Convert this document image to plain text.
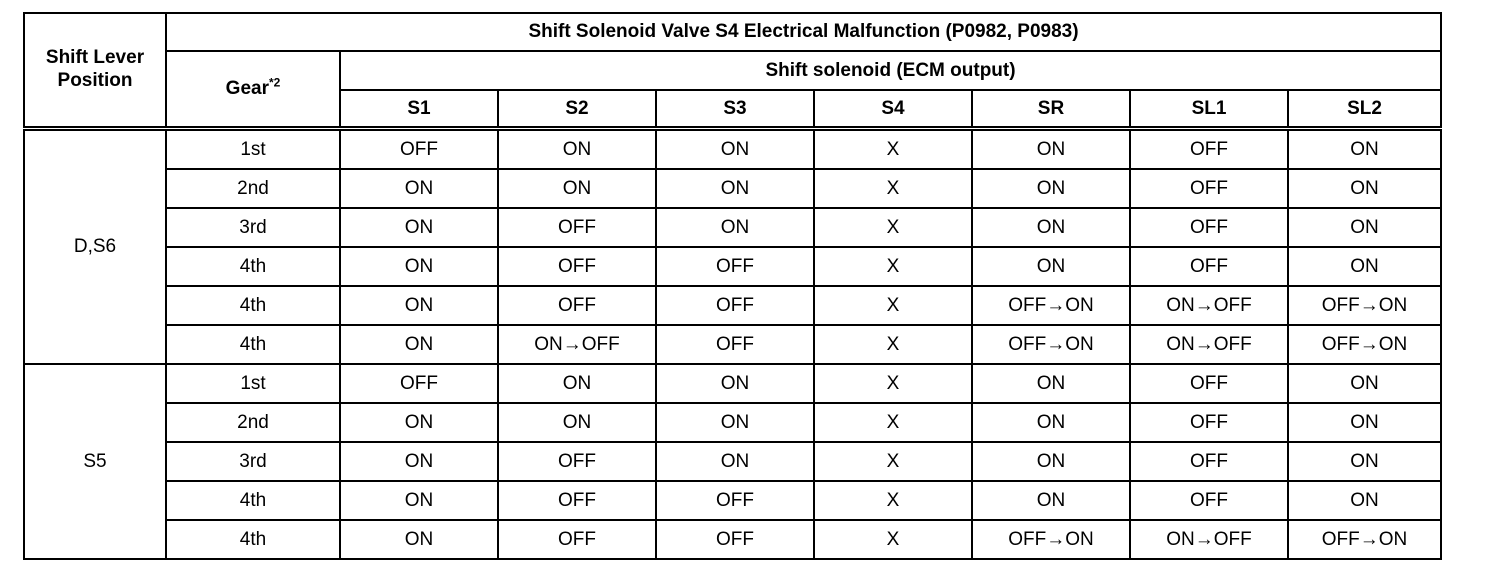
Shift Lever
Position	Shift Solenoid Valve S4 Electrical Malfunction (P0982, P0983)							
	Gear$^{*2}$	Shift solenoid (ECM output)						
		S1	S2	S3	S4	SR	SL1	SL2
D,S6	1st	OFF	ON	ON	X	ON	OFF	ON
	2nd	ON	ON	ON	X	ON	OFF	ON
	3rd	ON	OFF	ON	X	ON	OFF	ON
	4th	ON	OFF	OFF	X	ON	OFF	ON
	4th	ON	OFF	OFF	X	OFF→ON	ON→OFF	OFF→ON
	4th	ON	ON→OFF	OFF	X	OFF→ON	ON→OFF	OFF→ON
S5	1st	OFF	ON	ON	X	ON	OFF	ON
	2nd	ON	ON	ON	X	ON	OFF	ON
	3rd	ON	OFF	ON	X	ON	OFF	ON
	4th	ON	OFF	OFF	X	ON	OFF	ON
	4th	ON	OFF	OFF	X	OFF→ON	ON→OFF	OFF→ON
